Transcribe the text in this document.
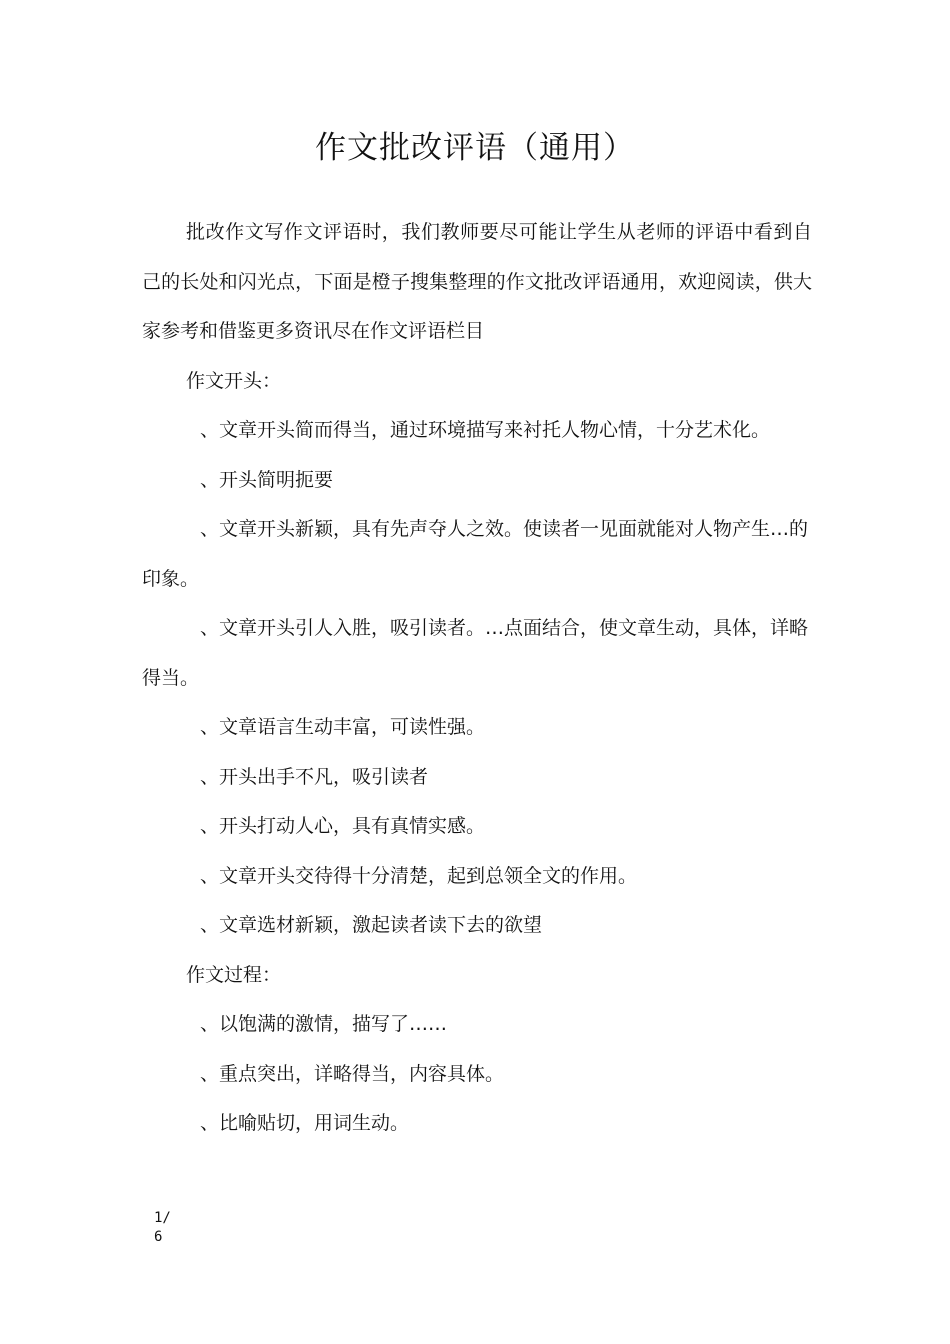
作文批改评语（通用）

批改作文写作文评语时，我们教师要尽可能让学生从老师的评语中看到自己的长处和闪光点，下面是橙子搜集整理的作文批改评语通用，欢迎阅读，供大家参考和借鉴更多资讯尽在作文评语栏目

作文开头：

、文章开头简而得当，通过环境描写来衬托人物心情，十分艺术化。

、开头简明扼要

、文章开头新颖，具有先声夺人之效。使读者一见面就能对人物产生…的印象。

、文章开头引人入胜，吸引读者。…点面结合，使文章生动，具体，详略得当。

、文章语言生动丰富，可读性强。

、开头出手不凡，吸引读者

、开头打动人心，具有真情实感。

、文章开头交待得十分清楚，起到总领全文的作用。

、文章选材新颖，激起读者读下去的欲望

作文过程：

、以饱满的激情，描写了……

、重点突出，详略得当，内容具体。

、比喻贴切，用词生动。

1/6
